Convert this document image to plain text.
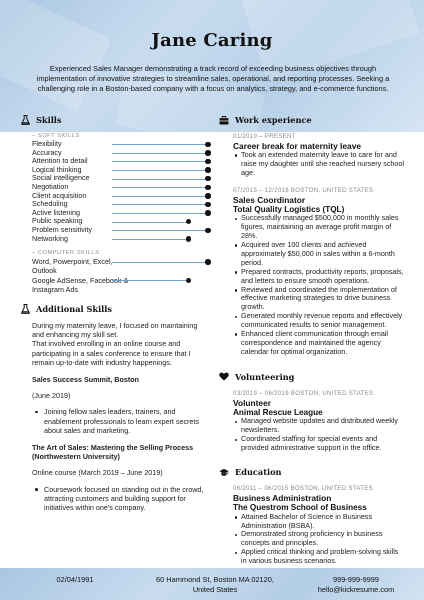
Jane Caring
Experienced Sales Manager demonstrating a track record of exceeding business objectives through implementation of innovative strategies to streamline sales, operational, and reporting processes. Seeking a challenging role in a Boston-based company with a focus on analytics, strategy, and e-commerce functions.
Skills
– SOFT SKILLS
Flexibility
Accuracy
Attention to detail
Logical thinking
Social intelligence
Negotiation
Client acquisition
Scheduling
Active listening
Public speaking
Problem sensitivity
Networking
– COMPUTER SKILLS
Word, Powerpoint, Excel, Outlook
Google AdSense, Facebook & Instagram Ads
Additional Skills
During my maternity leave, I focused on maintaining and enhancing my skill set.
That involved enrolling in an online course and participating in a sales conference to ensure that I remain up-to-date with industry happenings.
Sales Success Summit, Boston
(June 2019)
Joining fellow sales leaders, trainers, and enablement professionals to learn expert secrets about sales and marketing.
The Art of Sales: Mastering the Selling Process (Northwestern University)
Online course (March 2019 – June 2019)
Coursework focused on standing out in the crowd, attracting customers and building support for initiatives within one's company.
Work experience
01/2019 – PRESENT
Career break for maternity leave
Took an extended maternity leave to care for and raise my daughter until she reached nursery school age.
07/2015 – 12/2018 BOSTON, UNITED STATES
Sales Coordinator
Total Quality Logistics (TQL)
Successfully managed $500,000 in monthly sales figures, maintaining an average profit margin of 28%.
Acquired over 100 clients and achieved approximately $50,000 in sales within a 6-month period.
Prepared contracts, productivity reports, proposals, and letters to ensure smooth operations.
Reviewed and coordinated the implementation of effective marketing strategies to drive business growth.
Generated monthly revenue reports and effectively communicated results to senior management.
Enhanced client communication through email correspondence and maintained the agency calendar for optimal organization.
Volunteering
03/2019 – 06/2019 BOSTON, UNITED STATES
Volunteer
Animal Rescue League
Managed website updates and distributed weekly newsletters.
Coordinated staffing for special events and provided administrative support in the office.
Education
06/2011 – 06/2015 BOSTON, UNITED STATES
Business Administration
The Questrom School of Business
Attained Bachelor of Science in Business Administration (BSBA).
Demonstrated strong proficiency in business concepts and principles.
Applied critical thinking and problem-solving skills in various business scenarios.
02/04/1991	60 Hammond St, Boston MA 02120,
United States
999-999-9999
hello@kickresume.com
